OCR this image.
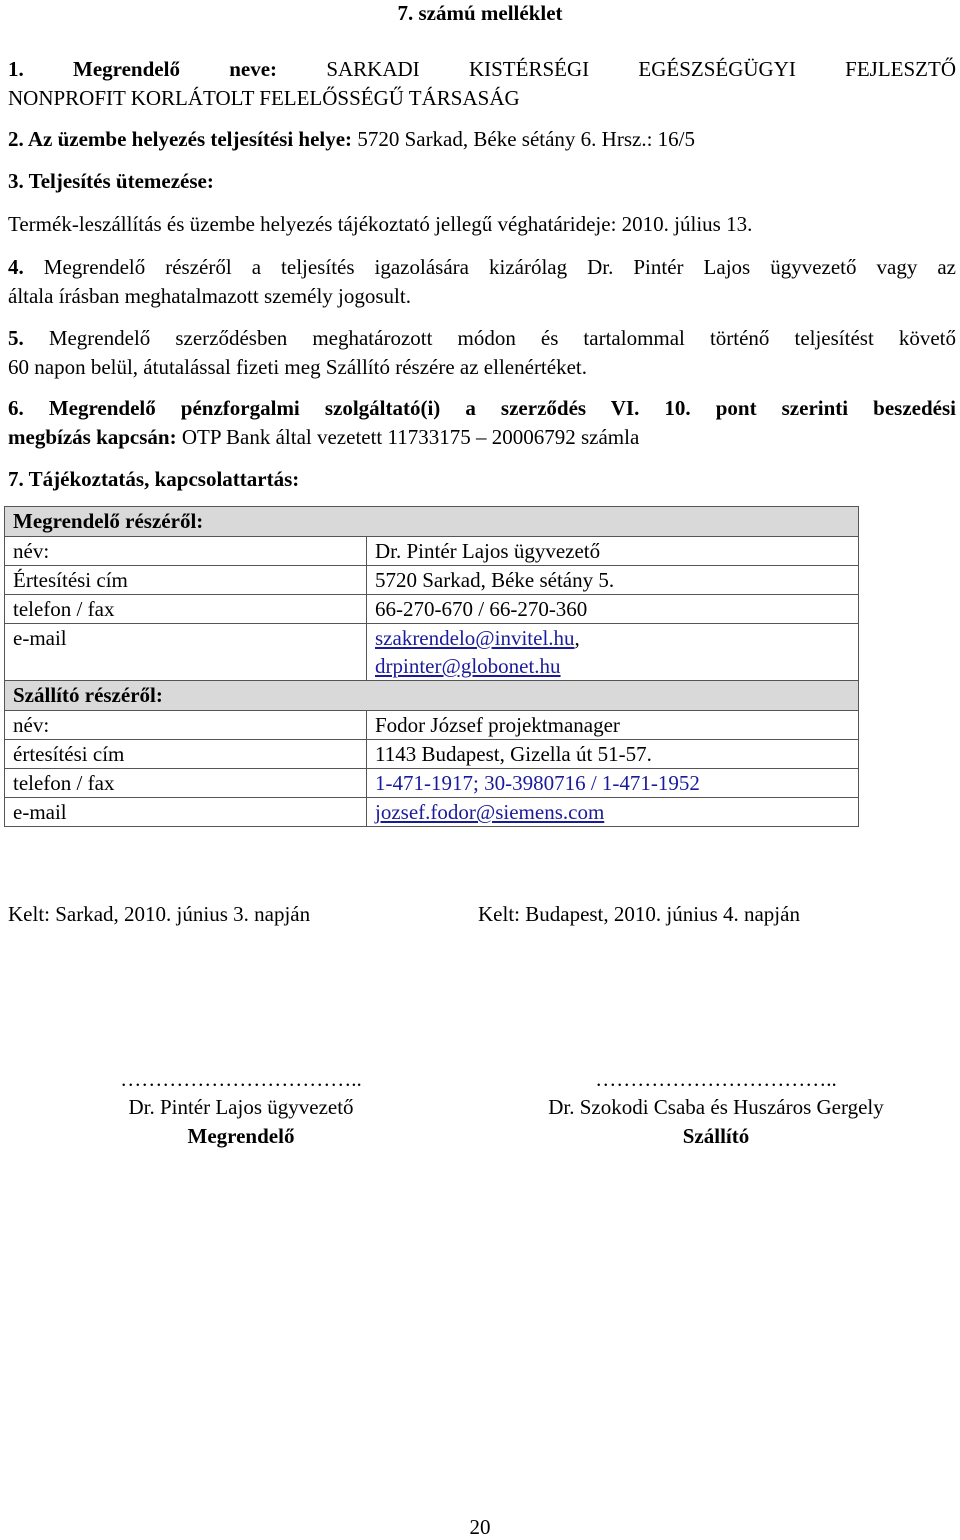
7. számú melléklet
1. Megrendelő neve: SARKADI KISTÉRSÉGI EGÉSZSÉGÜGYI FEJLESZTŐ
NONPROFIT KORLÁTOLT FELELŐSSÉGŰ TÁRSASÁG
2. Az üzembe helyezés teljesítési helye: 5720 Sarkad, Béke sétány 6. Hrsz.: 16/5
3. Teljesítés ütemezése:
Termék-leszállítás és üzembe helyezés tájékoztató jellegű véghatárideje: 2010. július 13.
4. Megrendelő részéről a teljesítés igazolására kizárólag Dr. Pintér Lajos ügyvezető vagy az
általa írásban meghatalmazott személy jogosult.
5. Megrendelő szerződésben meghatározott módon és tartalommal történő teljesítést követő
60 napon belül, átutalással fizeti meg Szállító részére az ellenértéket.
6. Megrendelő pénzforgalmi szolgáltató(i) a szerződés VI. 10. pont szerinti beszedési
megbízás kapcsán: OTP Bank által vezetett 11733175 – 20006792 számla
7. Tájékoztatás, kapcsolattartás:
Megrendelő részéről:	
név:	Dr. Pintér Lajos ügyvezető
Értesítési cím	5720 Sarkad, Béke sétány 5.
telefon / fax	66-270-670 / 66-270-360
e-mail	szakrendelo@invitel.hu,
drpinter@globonet.hu

Szállító részéről:	
név:	Fodor József projektmanager
értesítési cím	1143 Budapest, Gizella út 51-57.
telefon / fax	1-471-1917; 30-3980716 / 1-471-1952
e-mail	jozsef.fodor@siemens.com
Kelt: Sarkad, 2010. június 3. napján	Kelt: Budapest, 2010. június 4. napján
……………………………..	……………………………..
Dr. Pintér Lajos ügyvezető	Dr. Szokodi Csaba és Huszáros Gergely
Megrendelő	Szállító
20
